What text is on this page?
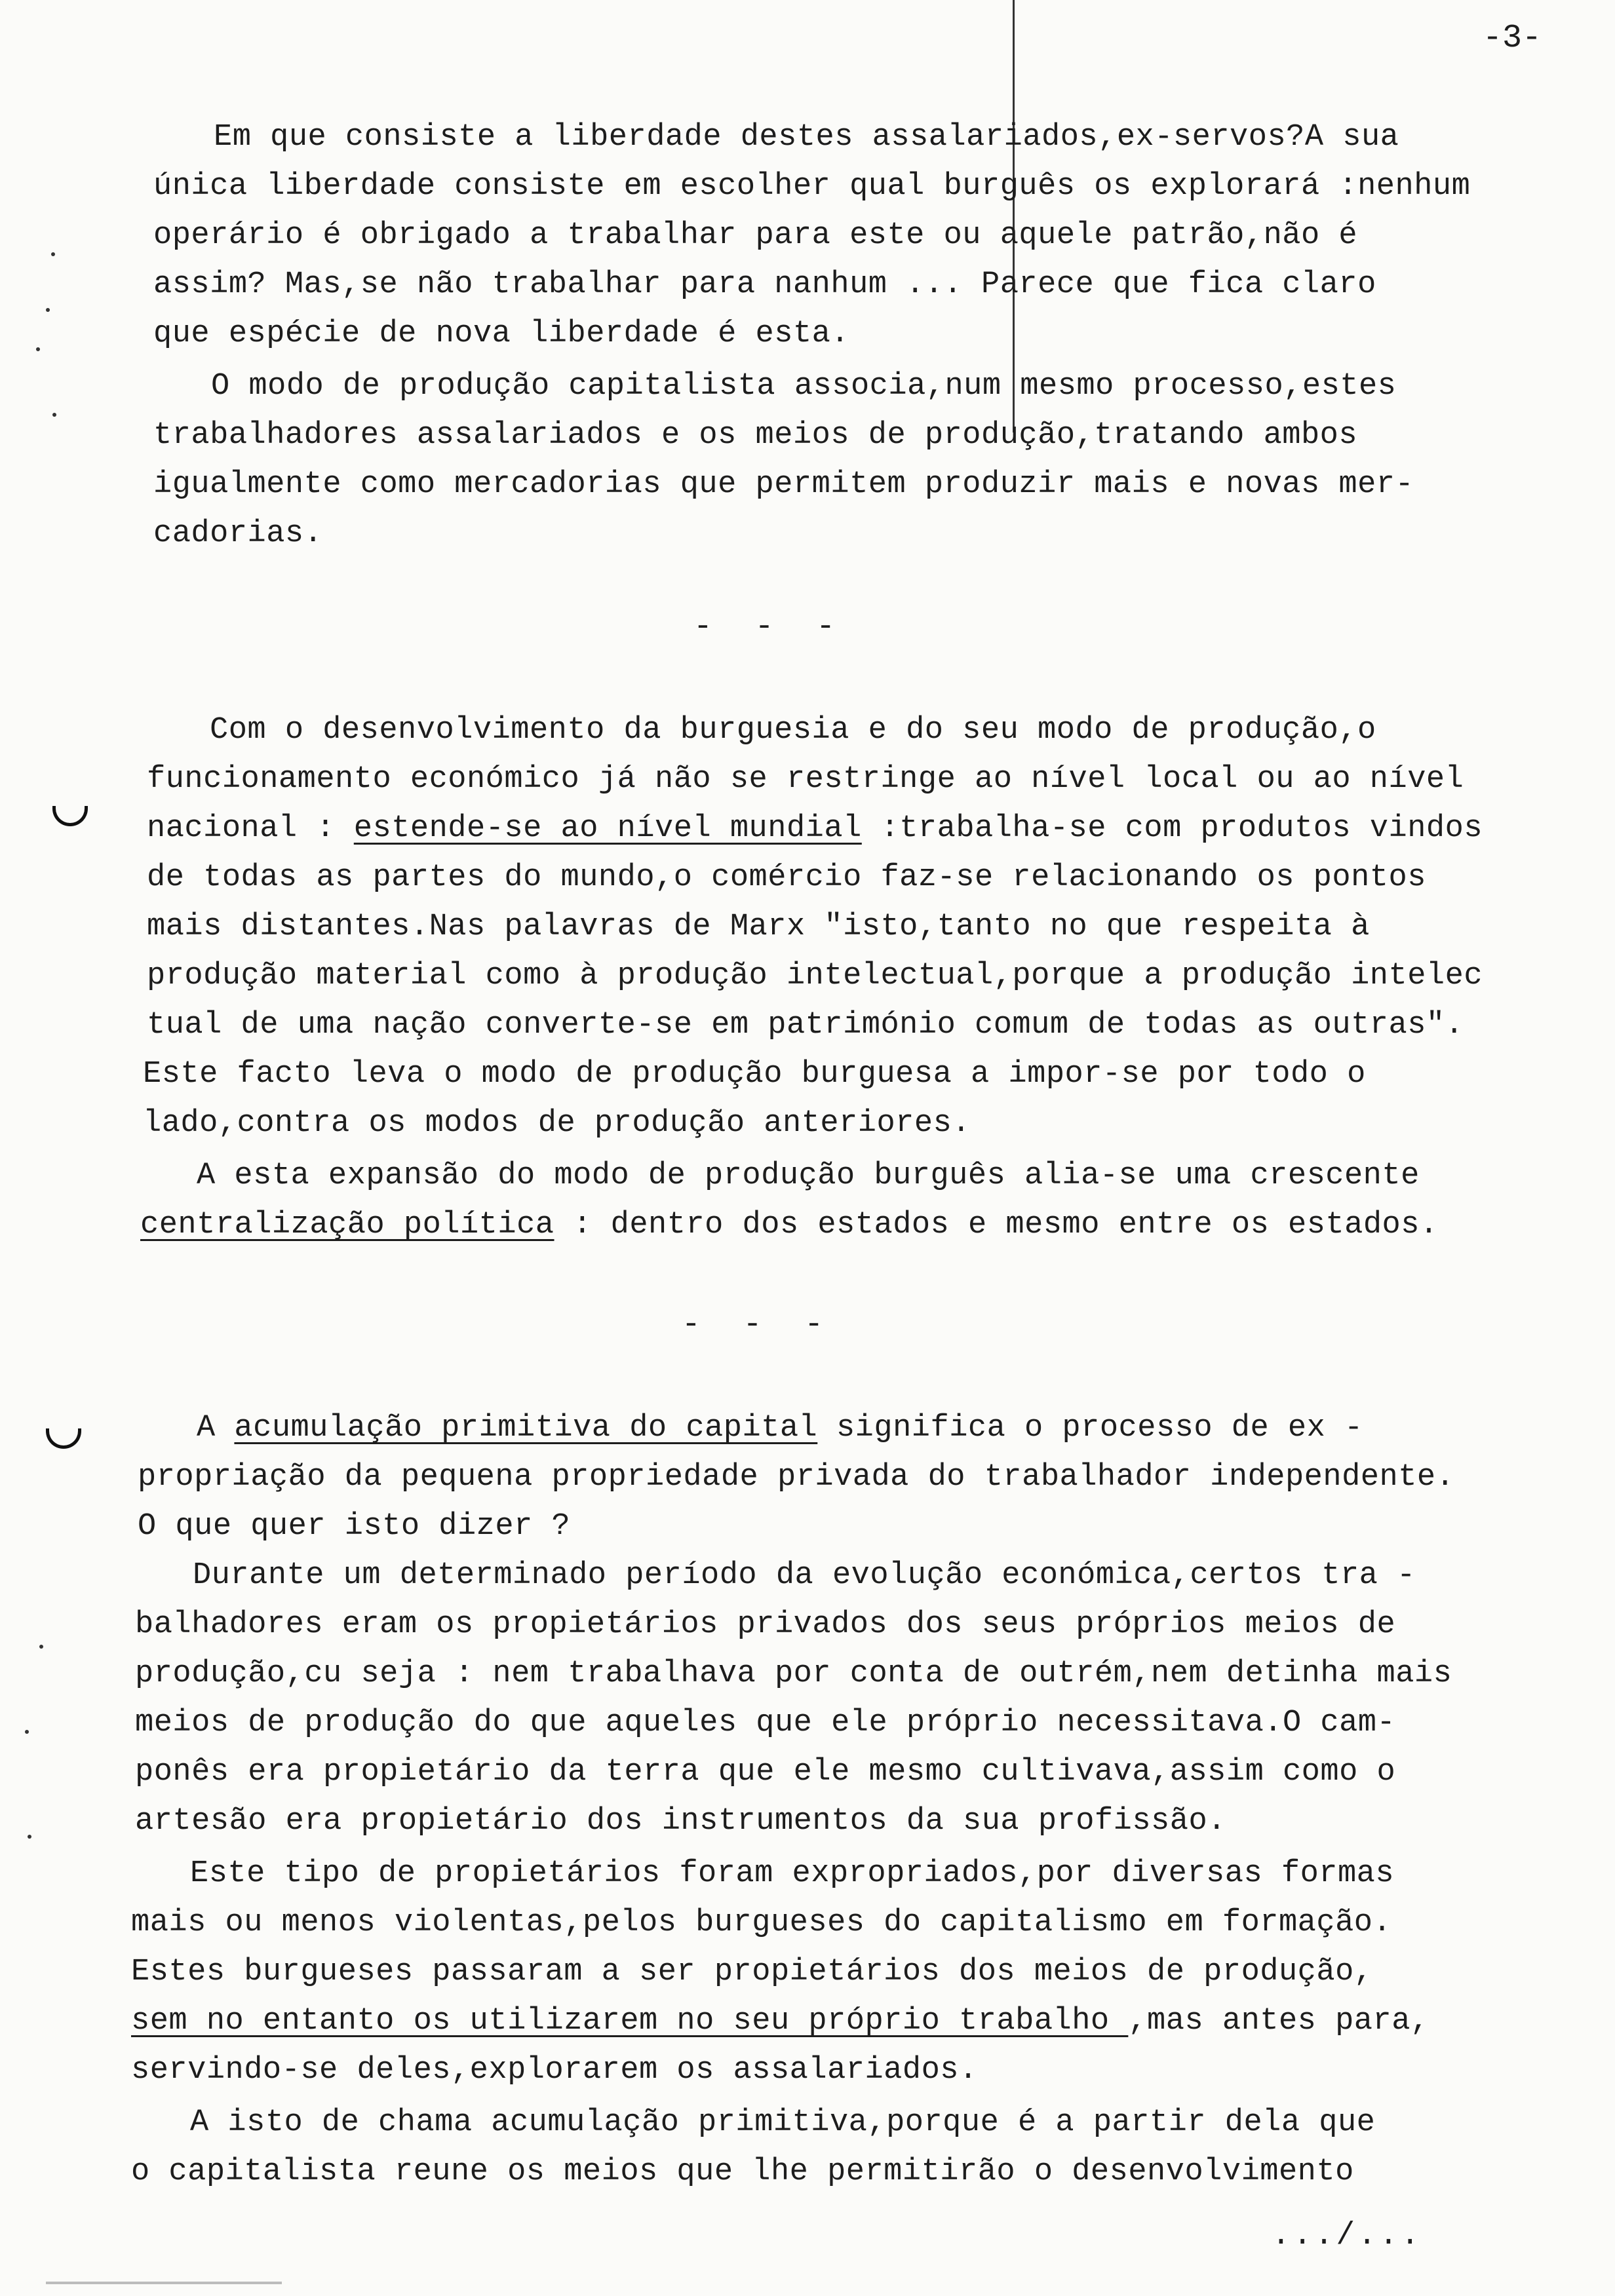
-3-
Em que consiste a liberdade destes assalariados,ex-servos?A sua
única liberdade consiste em escolher qual burguês os explorará :nenhum
operário é obrigado a trabalhar para este ou aquele patrão,não é
assim? Mas,se não trabalhar para nanhum ... Parece que fica claro
que espécie de nova liberdade é esta.
O modo de produção capitalista associa,num mesmo processo,estes
trabalhadores assalariados e os meios de produção,tratando ambos
igualmente como mercadorias que permitem produzir mais e novas mer-
cadorias.
- - -
Com o desenvolvimento da burguesia e do seu modo de produção,o
funcionamento económico já não se restringe ao nível local ou ao nível
nacional : estende-se ao nível mundial :trabalha-se com produtos vindos
de todas as partes do mundo,o comércio faz-se relacionando os pontos
mais distantes.Nas palavras de Marx "isto,tanto no que respeita à
produção material como à produção intelectual,porque a produção intelec
tual de uma nação converte-se em património comum de todas as outras".
Este facto leva o modo de produção burguesa a impor-se por todo o
lado,contra os modos de produção anteriores.
A esta expansão do modo de produção burguês alia-se uma crescente
centralização política : dentro dos estados e mesmo entre os estados.
- - -
A acumulação primitiva do capital significa o processo de ex -
propriação da pequena propriedade privada do trabalhador independente.
O que quer isto dizer ?
Durante um determinado período da evolução económica,certos tra -
balhadores eram os propietários privados dos seus próprios meios de
produção,cu seja : nem trabalhava por conta de outrém,nem detinha mais
meios de produção do que aqueles que ele próprio necessitava.O cam-
ponês era propietário da terra que ele mesmo cultivava,assim como o
artesão era propietário dos instrumentos da sua profissão.
Este tipo de propietários foram expropriados,por diversas formas
mais ou menos violentas,pelos burgueses do capitalismo em formação.
Estes burgueses passaram a ser propietários dos meios de produção,
sem no entanto os utilizarem no seu próprio trabalho ,mas antes para,
servindo-se deles,explorarem os assalariados.
A isto de chama acumulação primitiva,porque é a partir dela que
o capitalista reune os meios que lhe permitirão o desenvolvimento
.../...
